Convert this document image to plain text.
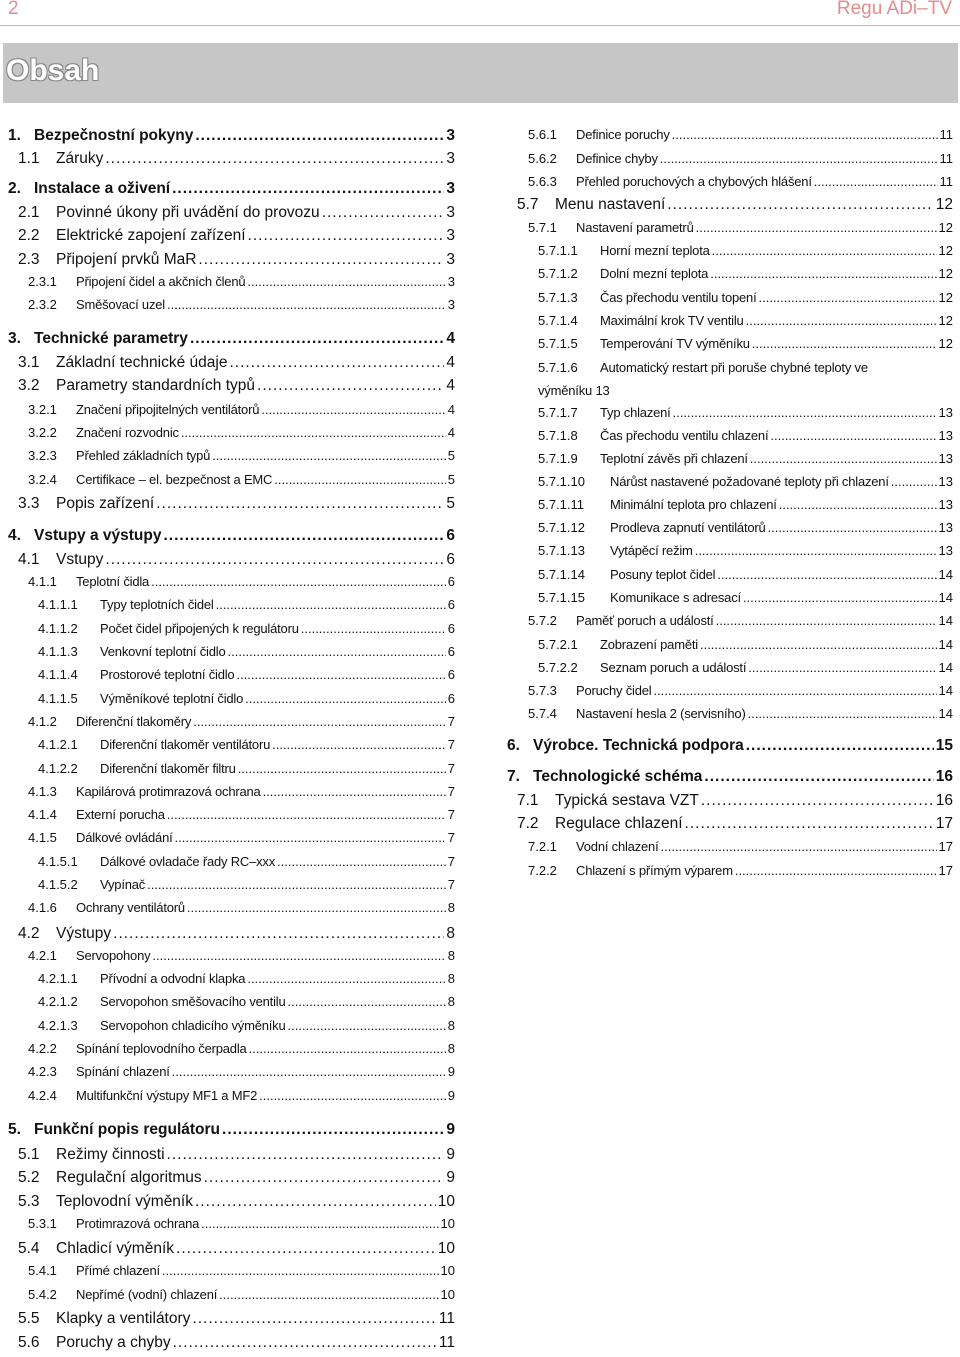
2	Regu ADi–TV
Obsah
1. Bezpečnostní pokyny .....	3
1.1	Záruky .....	3
2. Instalace a oživení .....	3
2.1	Povinné úkony při uvádění do provozu .....	3
2.2	Elektrické zapojení zařízení .....	3
2.3	Připojení prvků MaR .....	3
2.3.1	Připojení čidel a akčních členů .....	3
2.3.2	Směšovací uzel .....	3
3. Technické parametry .....	4
3.1	Základní technické údaje .....	4
3.2	Parametry standardních typů .....	4
3.2.1	Značení připojitelných ventilátorů .....	4
3.2.2	Značení rozvodnic .....	4
3.2.3	Přehled základních typů .....	5
3.2.4	Certifikace – el. bezpečnost a EMC .....	5
3.3	Popis zařízení .....	5
4. Vstupy a výstupy .....	6
4.1	Vstupy .....	6
4.1.1	Teplotní čidla .....	6
4.1.1.1	Typy teplotních čidel .....	6
4.1.1.2	Počet čidel připojených k regulátoru .....	6
4.1.1.3	Venkovní teplotní čidlo .....	6
4.1.1.4	Prostorové teplotní čidlo .....	6
4.1.1.5	Výměníkové teplotní čidlo .....	6
4.1.2	Diferenční tlakoměry .....	7
4.1.2.1	Diferenční tlakoměr ventilátoru .....	7
4.1.2.2	Diferenční tlakoměr filtru .....	7
4.1.3	Kapilárová protimrazová ochrana .....	7
4.1.4	Externí porucha .....	7
4.1.5	Dálkové ovládání .....	7
4.1.5.1	Dálkové ovladače řady RC–xxx .....	7
4.1.5.2	Vypínač .....	7
4.1.6	Ochrany ventilátorů .....	8
4.2	Výstupy .....	8
4.2.1	Servopohony .....	8
4.2.1.1	Přívodní a odvodní klapka .....	8
4.2.1.2	Servopohon směšovacího ventilu .....	8
4.2.1.3	Servopohon chladicího výměníku .....	8
4.2.2	Spínání teplovodního čerpadla .....	8
4.2.3	Spínání chlazení .....	9
4.2.4	Multifunkční výstupy MF1 a MF2 .....	9
5. Funkční popis regulátoru .....	9
5.1	Režimy činnosti .....	9
5.2	Regulační algoritmus .....	9
5.3	Teplovodní výměník .....	10
5.3.1	Protimrazová ochrana .....	10
5.4	Chladicí výměník .....	10
5.4.1	Přímé chlazení .....	10
5.4.2	Nepřímé (vodní) chlazení .....	10
5.5	Klapky a ventilátory .....	11
5.6	Poruchy a chyby .....	11
5.6.1	Definice poruchy .....	11
5.6.2	Definice chyby .....	11
5.6.3	Přehled poruchových a chybových hlášení .....	11
5.7	Menu nastavení .....	12
5.7.1	Nastavení parametrů .....	12
5.7.1.1	Horní mezní teplota .....	12
5.7.1.2	Dolní mezní teplota .....	12
5.7.1.3	Čas přechodu ventilu topení .....	12
5.7.1.4	Maximální krok TV ventilu .....	12
5.7.1.5	Temperování TV výměníku .....	12
5.7.1.6	Automatický restart při poruše chybné teploty ve
výměníku 13
5.7.1.7	Typ chlazení .....	13
5.7.1.8	Čas přechodu ventilu chlazení .....	13
5.7.1.9	Teplotní závěs při chlazení .....	13
5.7.1.10	Nárůst nastavené požadované teploty při chlazení .....	13
5.7.1.11	Minimální teplota pro chlazení .....	13
5.7.1.12	Prodleva zapnutí ventilátorů .....	13
5.7.1.13	Vytápěcí režim .....	13
5.7.1.14	Posuny teplot čidel .....	14
5.7.1.15	Komunikace s adresací .....	14
5.7.2	Paměť poruch a událostí .....	14
5.7.2.1	Zobrazení paměti .....	14
5.7.2.2	Seznam poruch a událostí .....	14
5.7.3	Poruchy čidel .....	14
5.7.4	Nastavení hesla 2 (servisního) .....	14
6. Výrobce. Technická podpora .....	15
7. Technologické schéma .....	16
7.1	Typická sestava VZT .....	16
7.2	Regulace chlazení .....	17
7.2.1	Vodní chlazení .....	17
7.2.2	Chlazení s přímým výparem .....	17
